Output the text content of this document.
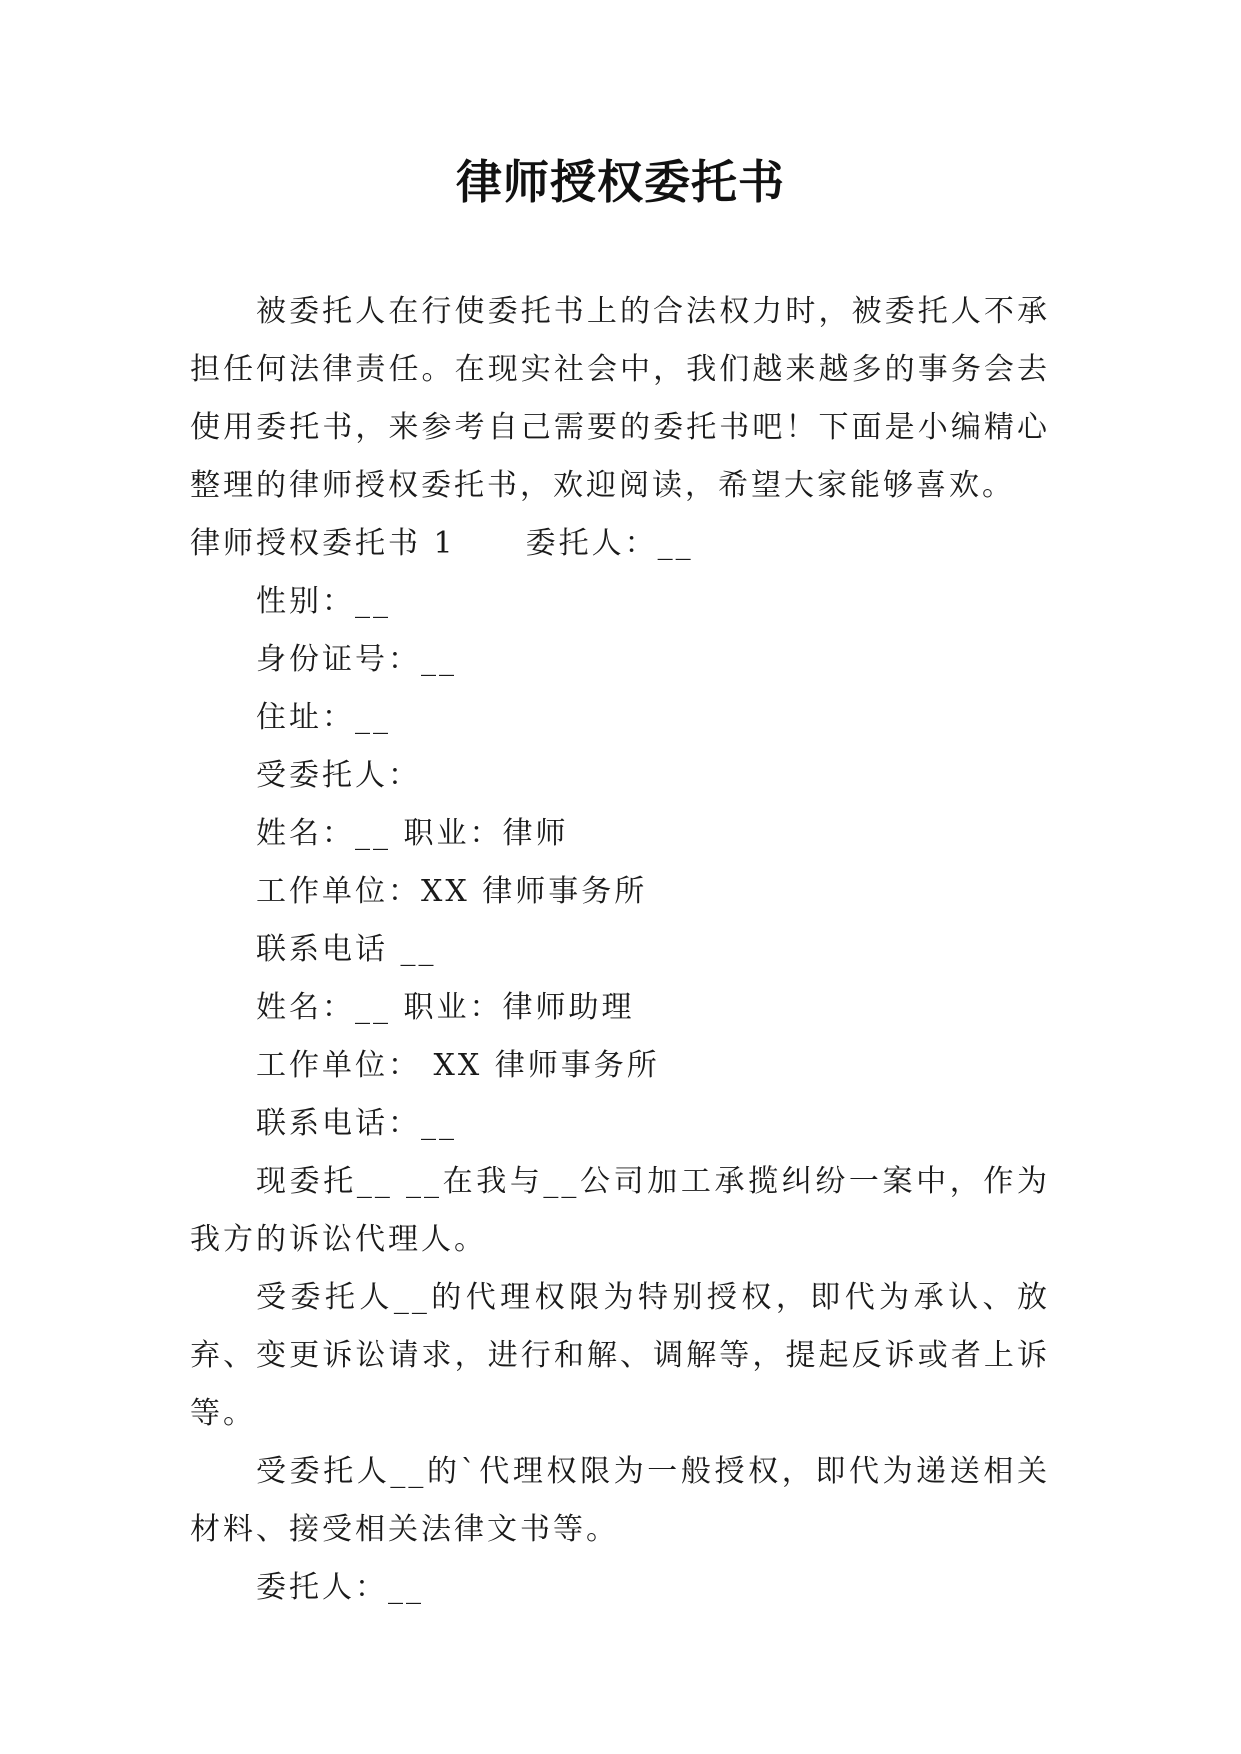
律师授权委托书

被委托人在行使委托书上的合法权力时，被委托人不承担任何法律责任。在现实社会中，我们越来越多的事务会去使用委托书，来参考自己需要的委托书吧！下面是小编精心整理的律师授权委托书，欢迎阅读，希望大家能够喜欢。

律师授权委托书 1 委托人：__

性别：__

身份证号：__

住址：__

受委托人：

姓名：__ 职业：律师

工作单位：XX 律师事务所

联系电话 __

姓名：__ 职业：律师助理

工作单位： XX 律师事务所

联系电话：__

现委托__ __在我与__公司加工承揽纠纷一案中，作为我方的诉讼代理人。

受委托人__的代理权限为特别授权，即代为承认、放弃、变更诉讼请求，进行和解、调解等，提起反诉或者上诉等。

受委托人__的`代理权限为一般授权，即代为递送相关材料、接受相关法律文书等。

委托人：__
